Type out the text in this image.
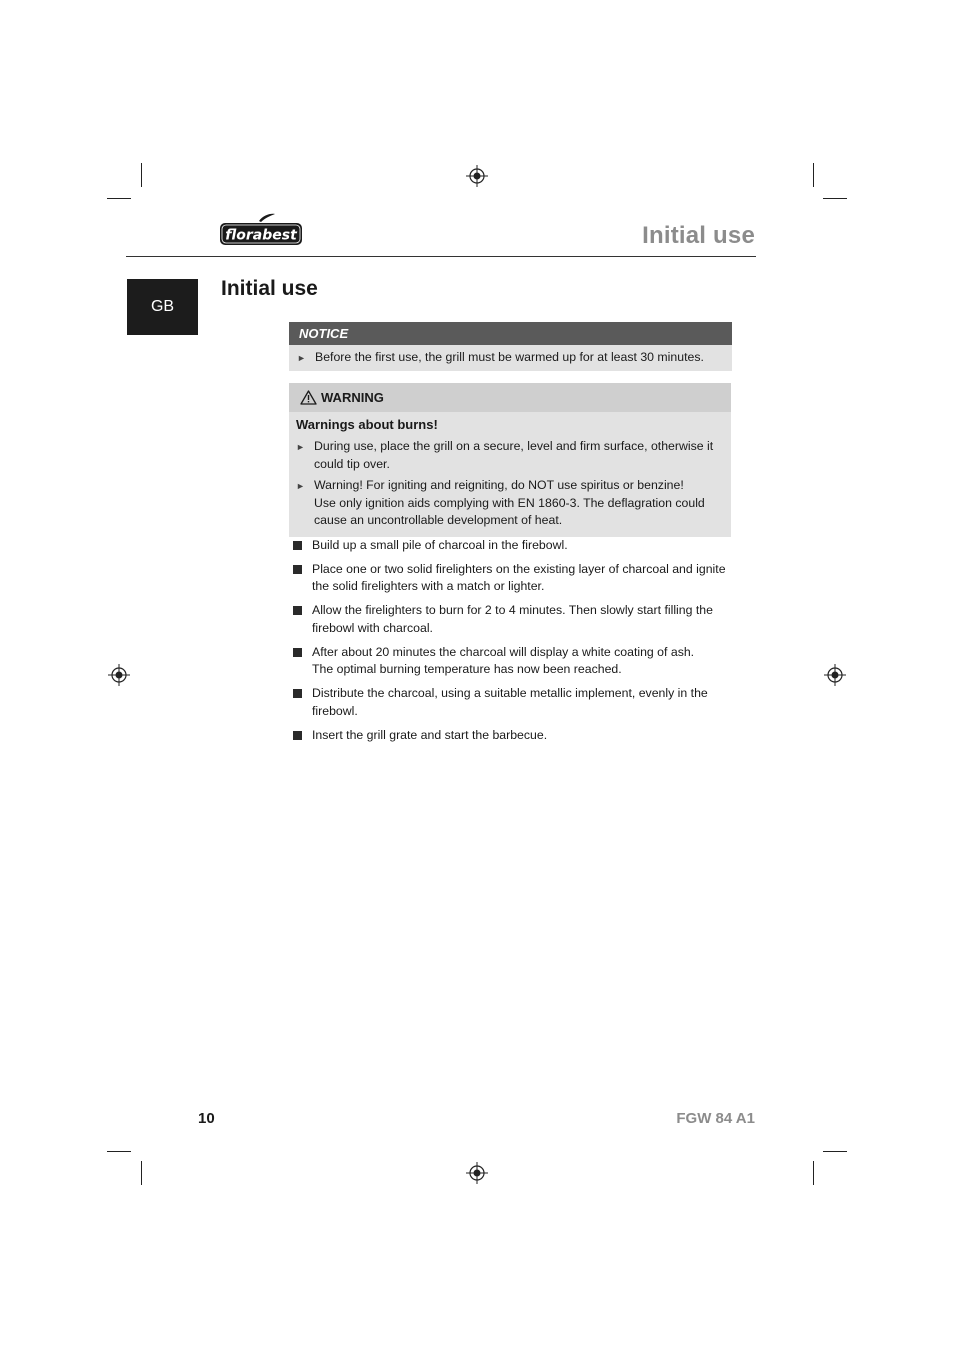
florabest	Initial use
GB
Initial use
NOTICE
► Before the first use, the grill must be warmed up for at least 30 minutes.
WARNING
Warnings about burns!
► During use, place the grill on a secure, level and firm surface, otherwise it could tip over.
► Warning! For igniting and reigniting, do NOT use spiritus or benzine!
Use only ignition aids complying with EN 1860-3. The deflagration could cause an uncontrollable development of heat.
Build up a small pile of charcoal in the firebowl.
Place one or two solid firelighters on the existing layer of charcoal and ignite the solid firelighters with a match or lighter.
Allow the firelighters to burn for 2 to 4 minutes. Then slowly start filling the firebowl with charcoal.
After about 20 minutes the charcoal will display a white coating of ash.
The optimal burning temperature has now been reached.
Distribute the charcoal, using a suitable metallic implement, evenly in the firebowl.
Insert the grill grate and start the barbecue.
10	FGW 84 A1
